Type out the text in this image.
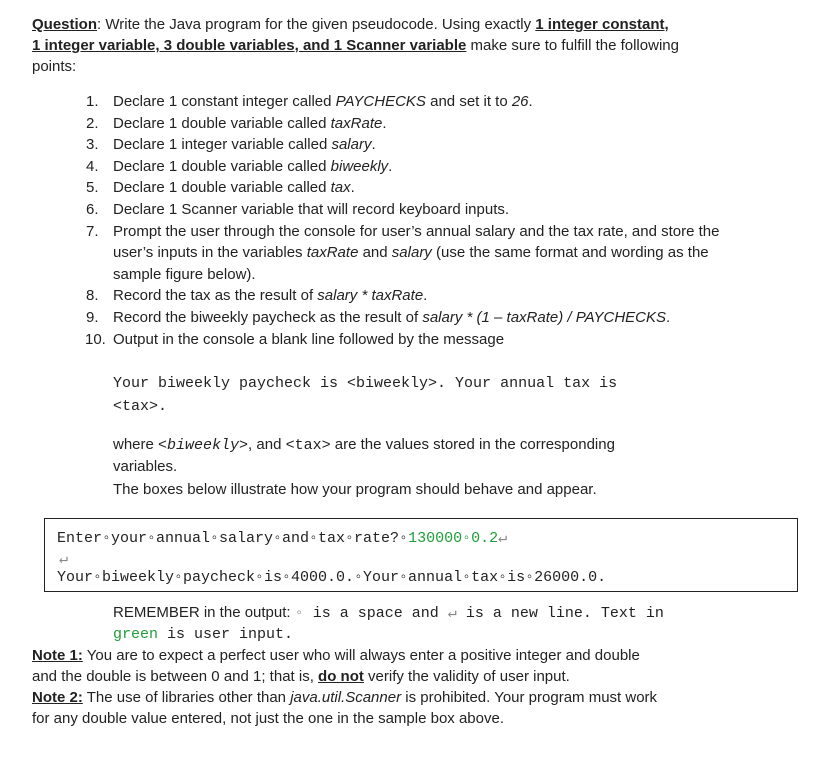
Question: Write the Java program for the given pseudocode. Using exactly 1 integer constant,
1 integer variable, 3 double variables, and 1 Scanner variable make sure to fulfill the following
points:
1. Declare 1 constant integer called PAYCHECKS and set it to 26.
2. Declare 1 double variable called taxRate.
3. Declare 1 integer variable called salary.
4. Declare 1 double variable called biweekly.
5. Declare 1 double variable called tax.
6. Declare 1 Scanner variable that will record keyboard inputs.
7. Prompt the user through the console for user’s annual salary and the tax rate, and store the user’s inputs in the variables taxRate and salary (use the same format and wording as the sample figure below).
8. Record the tax as the result of salary * taxRate.
9. Record the biweekly paycheck as the result of salary * (1 – taxRate) / PAYCHECKS.
10. Output in the console a blank line followed by the message
Your biweekly paycheck is <biweekly>. Your annual tax is
<tax>.
where <biweekly>, and <tax> are the values stored in the corresponding
variables.
The boxes below illustrate how your program should behave and appear.
Enter◦your◦annual◦salary◦and◦tax◦rate?◦130000◦0.2↵
↵
Your◦biweekly◦paycheck◦is◦4000.0.◦Your◦annual◦tax◦is◦26000.0.
REMEMBER in the output: ◦ is a space and ↵ is a new line. Text in
green is user input.
Note 1: You are to expect a perfect user who will always enter a positive integer and double
and the double is between 0 and 1; that is, do not verify the validity of user input.
Note 2: The use of libraries other than java.util.Scanner is prohibited. Your program must work
for any double value entered, not just the one in the sample box above.
